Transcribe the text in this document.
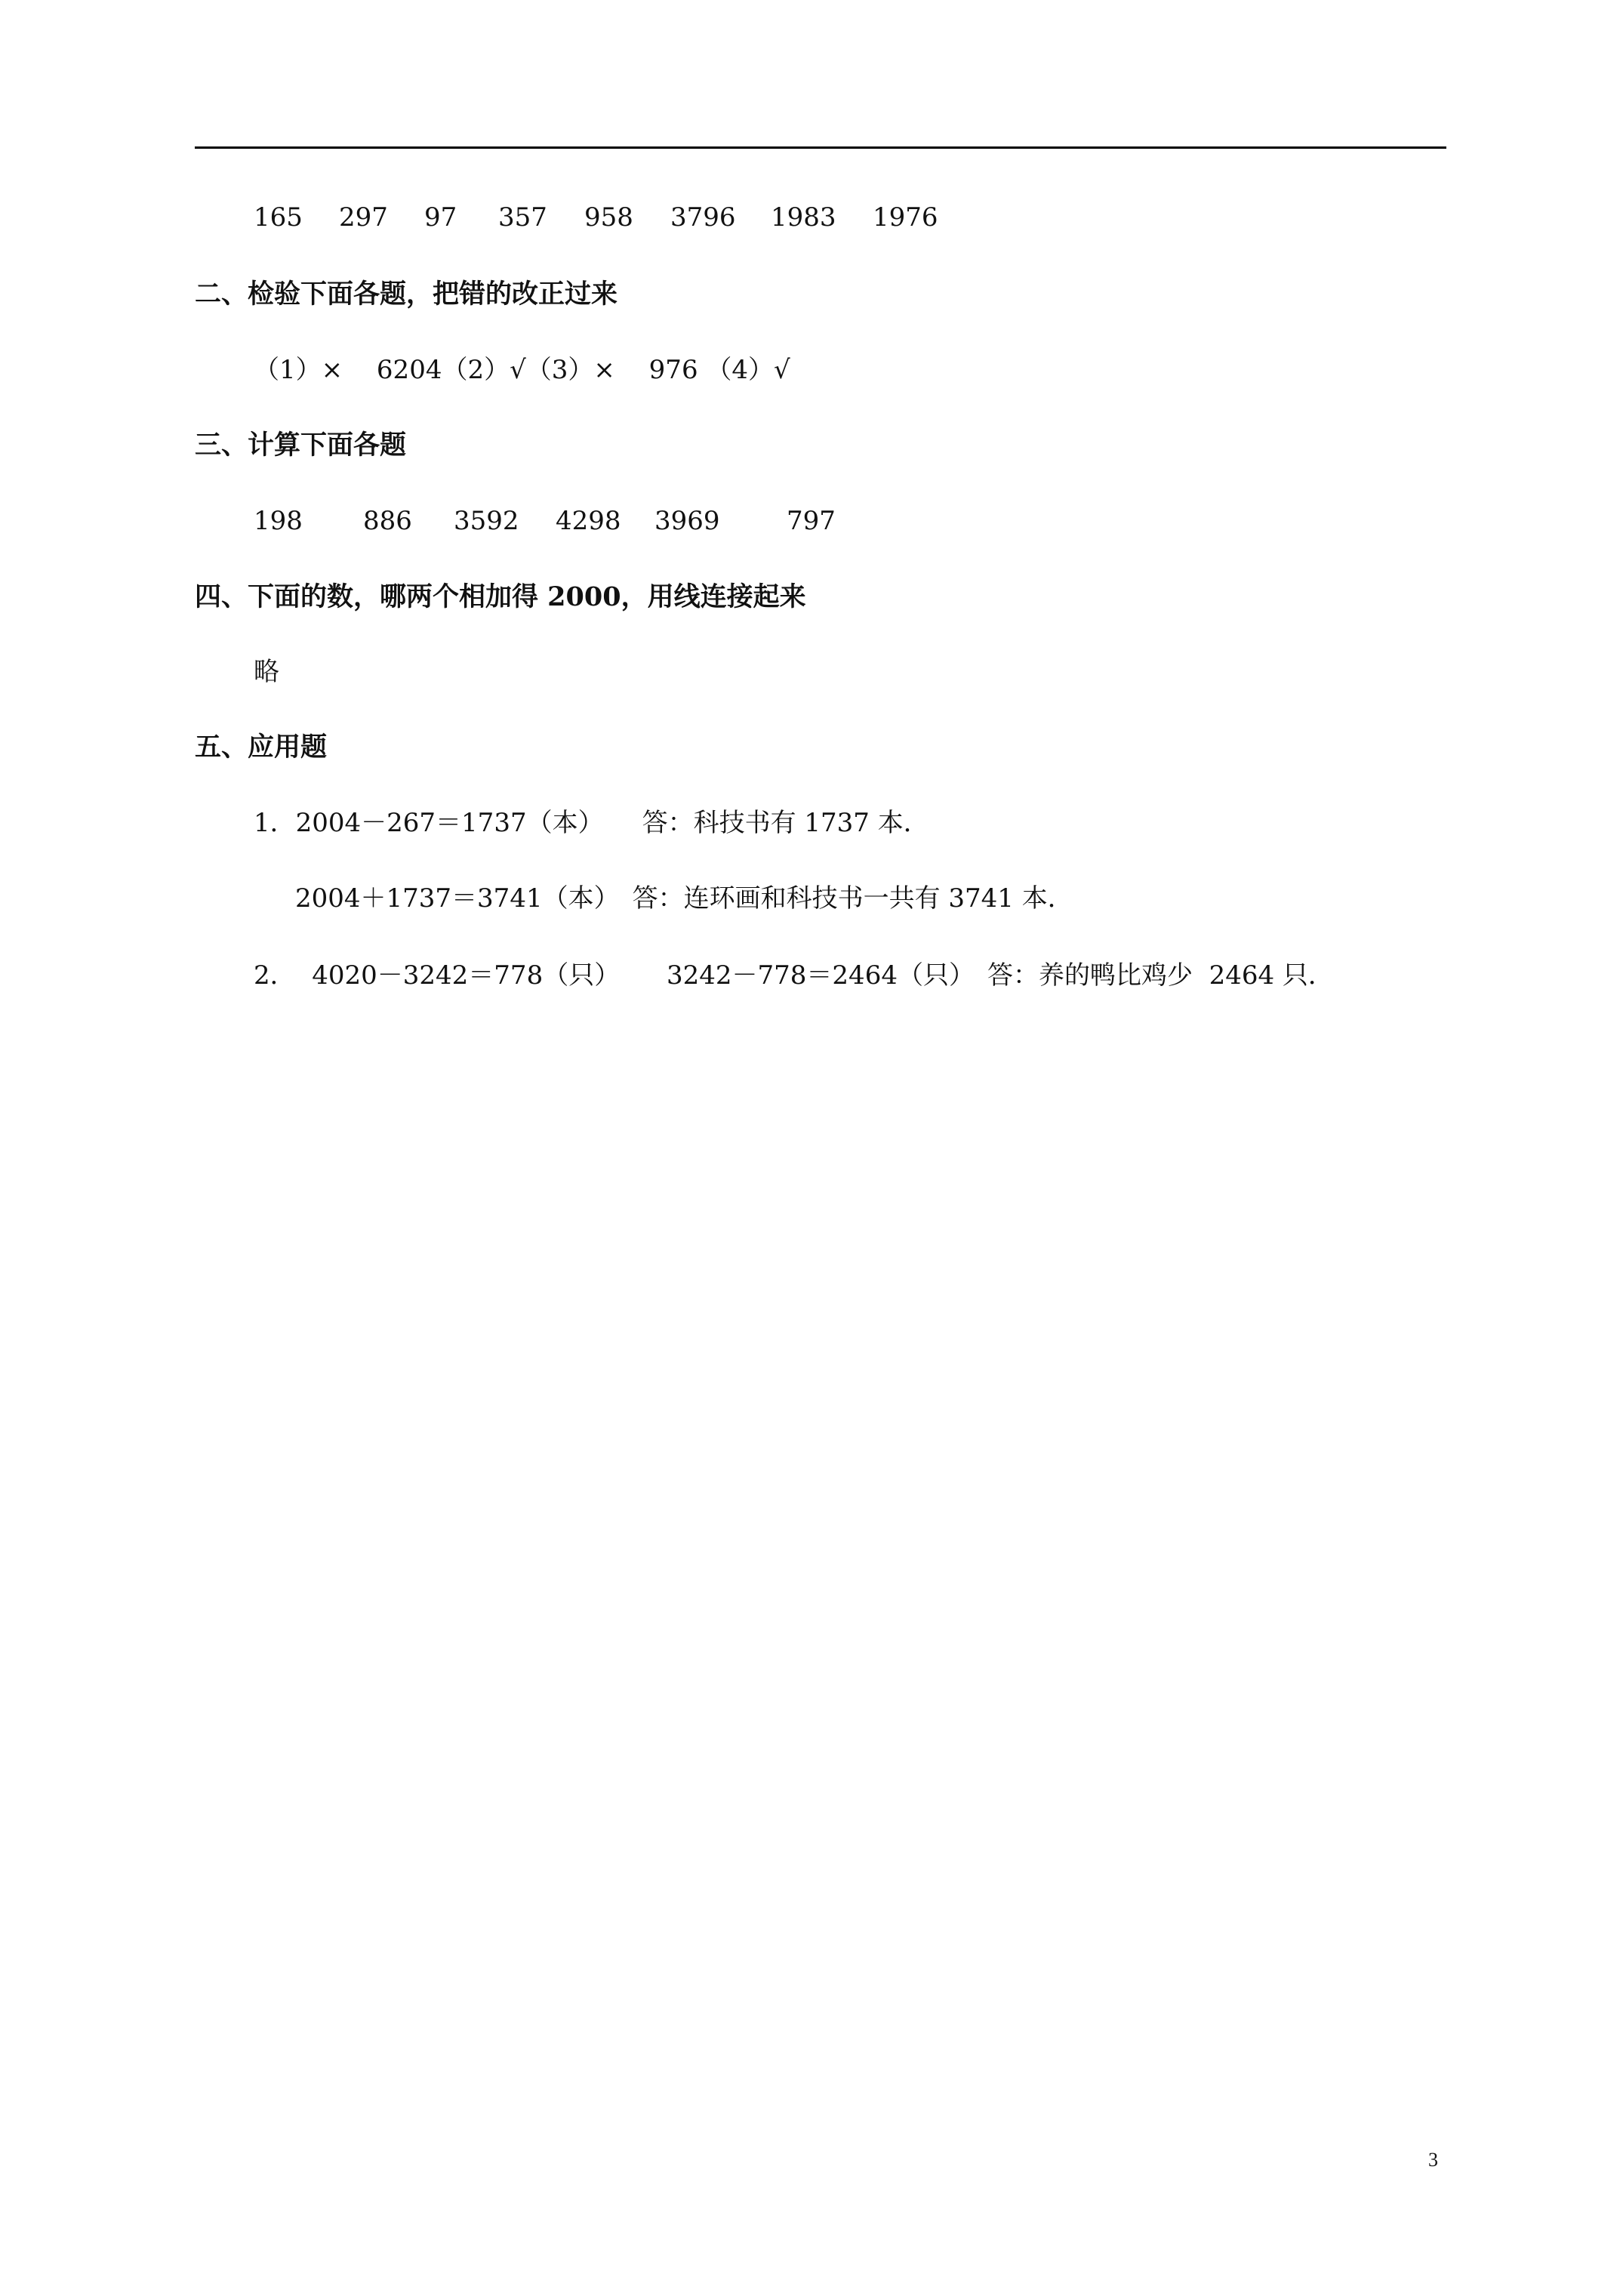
165 297 97 357 958 3796 1983 1976
二、检验下面各题，把错的改正过来
（1）×　 6204（2）√（3）×　 976 （4）√
三、计算下面各题
198 886 3592 4298 3969	797
四、下面的数，哪两个相加得 2000，用线连接起来
略
五、应用题
1．2004－267＝1737（本）　　答：科技书有 1737 本．
2004＋1737＝3741（本）　答：连环画和科技书一共有 3741 本．
2．  4020－3242＝778（只）　　 3242－778＝2464（只）　答：养的鸭比鸡少  2464 只．
3
